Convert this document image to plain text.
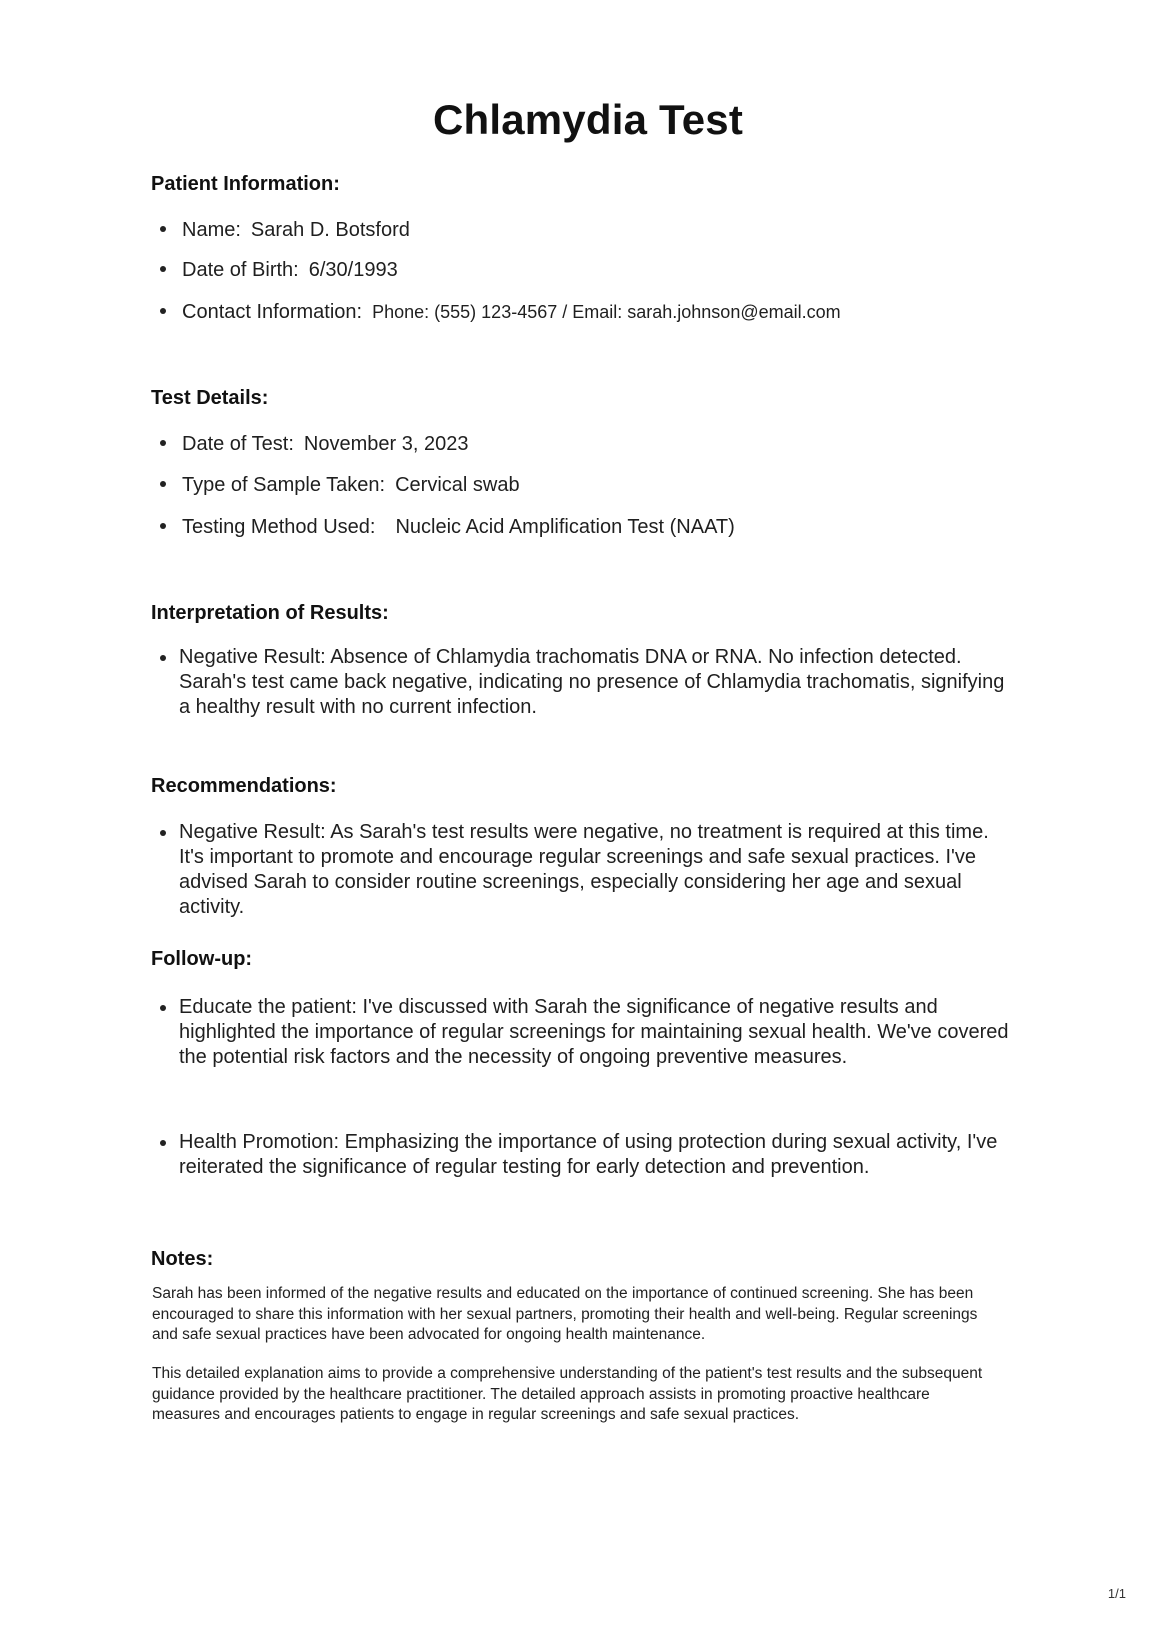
Chlamydia Test
Patient Information:
Name: Sarah D. Botsford
Date of Birth: 6/30/1993
Contact Information: Phone: (555) 123-4567 / Email: sarah.johnson@email.com
Test Details:
Date of Test: November 3, 2023
Type of Sample Taken: Cervical swab
Testing Method Used: Nucleic Acid Amplification Test (NAAT)
Interpretation of Results:
Negative Result: Absence of Chlamydia trachomatis DNA or RNA. No infection detected. Sarah's test came back negative, indicating no presence of Chlamydia trachomatis, signifying a healthy result with no current infection.
Recommendations:
Negative Result: As Sarah's test results were negative, no treatment is required at this time. It's important to promote and encourage regular screenings and safe sexual practices. I've advised Sarah to consider routine screenings, especially considering her age and sexual activity.
Follow-up:
Educate the patient: I've discussed with Sarah the significance of negative results and highlighted the importance of regular screenings for maintaining sexual health. We've covered the potential risk factors and the necessity of ongoing preventive measures.
Health Promotion: Emphasizing the importance of using protection during sexual activity, I've reiterated the significance of regular testing for early detection and prevention.
Notes:

Sarah has been informed of the negative results and educated on the importance of continued screening. She has been encouraged to share this information with her sexual partners, promoting their health and well-being. Regular screenings and safe sexual practices have been advocated for ongoing health maintenance.

This detailed explanation aims to provide a comprehensive understanding of the patient's test results and the subsequent guidance provided by the healthcare practitioner. The detailed approach assists in promoting proactive healthcare measures and encourages patients to engage in regular screenings and safe sexual practices.

1/1
